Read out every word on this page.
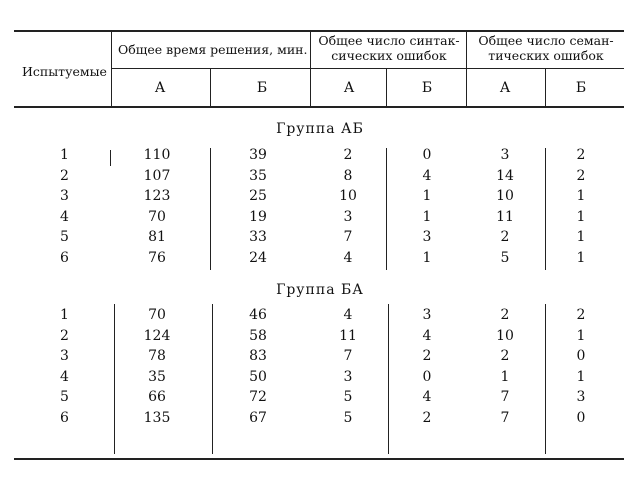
Испытуемые
Общее время решения, мин.
Общее число синтак-
сических ошибок
Общее число семан-
тических ошибок
А	Б	А	Б	А	Б
Группа АБ
1	110	39	2	0	3	2
2	107	35	8	4	14	2
3	123	25	10	1	10	1
4	70	19	3	1	11	1
5	81	33	7	3	2	1
6	76	24	4	1	5	1
Группа БА
1	70	46	4	3	2	2
2	124	58	11	4	10	1
3	78	83	7	2	2	0
4	35	50	3	0	1	1
5	66	72	5	4	7	3
6	135	67	5	2	7	0
